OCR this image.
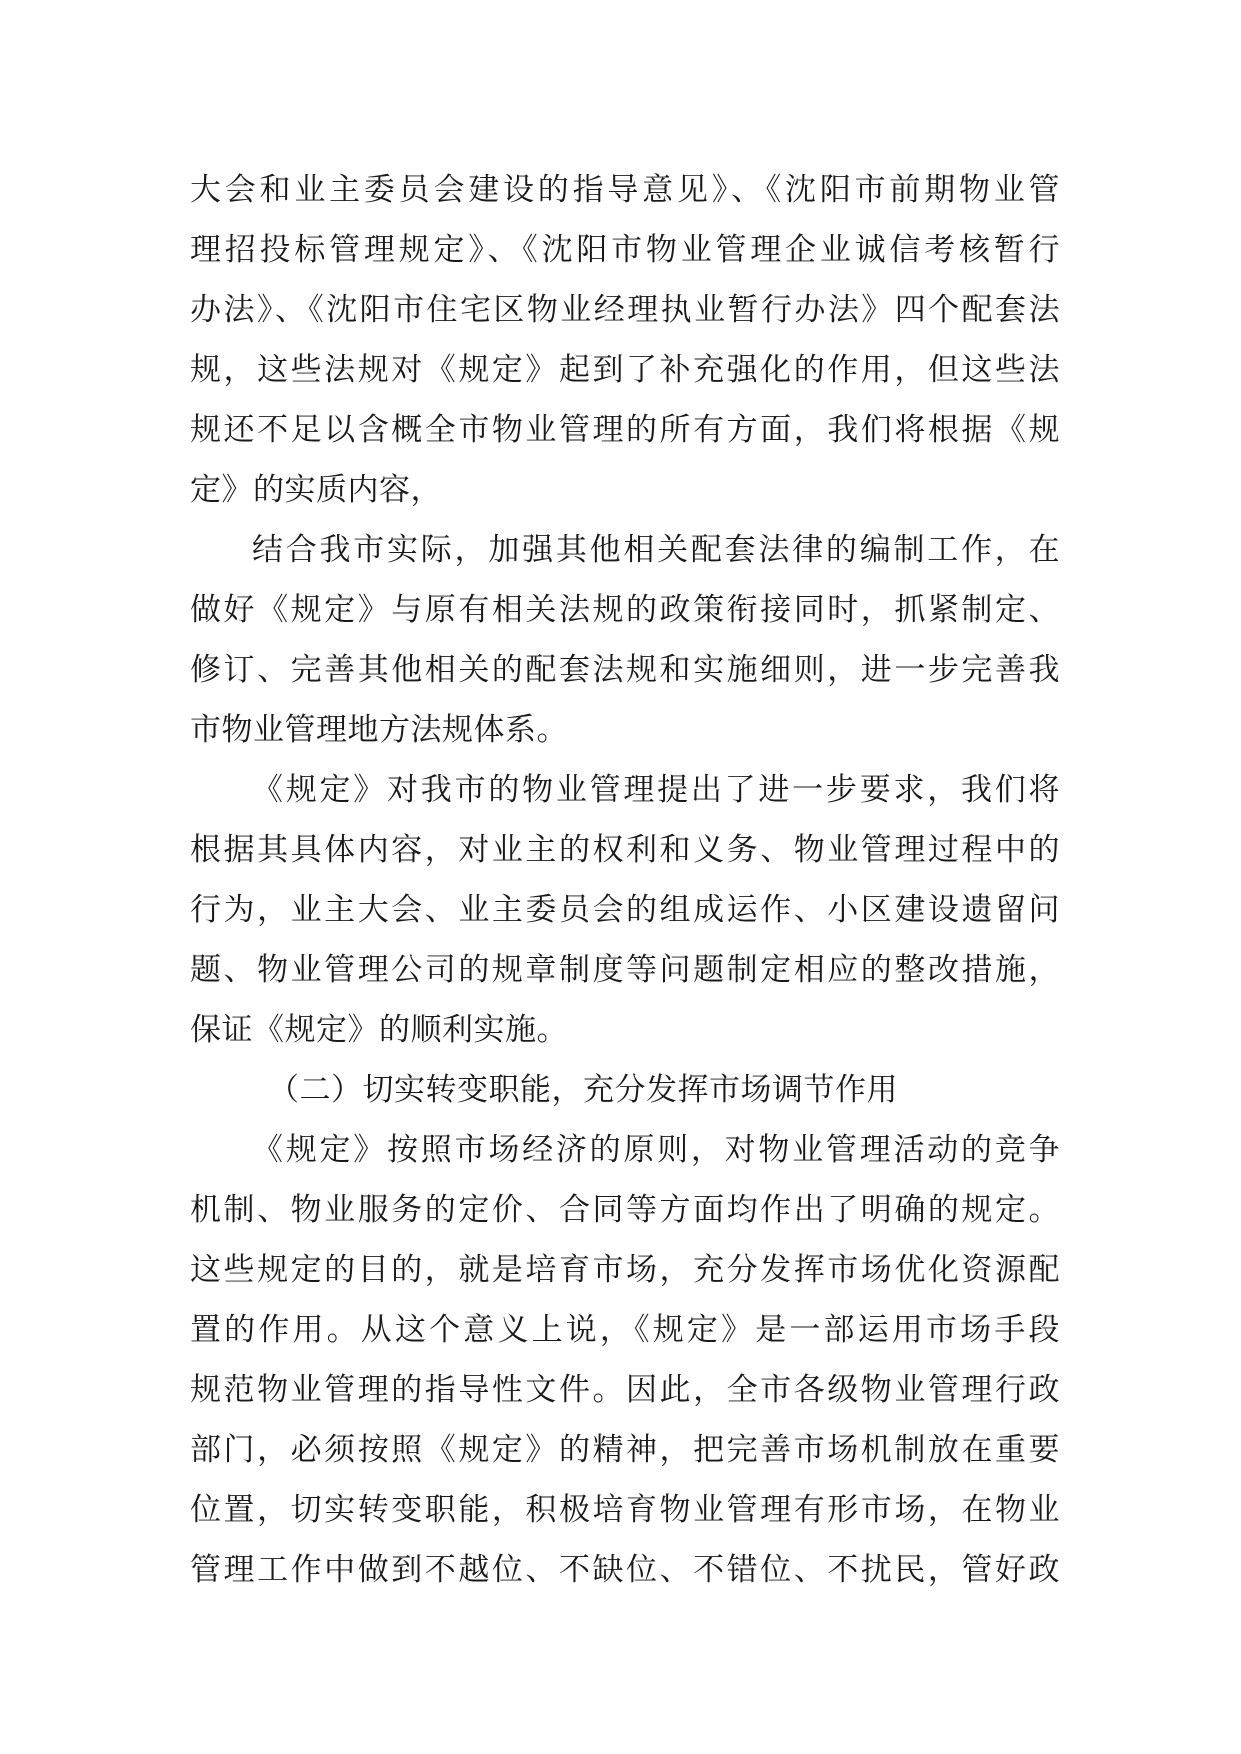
大会和业主委员会建设的指导意见》、《沈阳市前期物业管
理招投标管理规定》、《沈阳市物业管理企业诚信考核暂行
办法》、《沈阳市住宅区物业经理执业暂行办法》四个配套法
规，这些法规对《规定》起到了补充强化的作用，但这些法
规还不足以含概全市物业管理的所有方面，我们将根据《规
定》的实质内容，
结合我市实际，加强其他相关配套法律的编制工作，在
做好《规定》与原有相关法规的政策衔接同时，抓紧制定、
修订、完善其他相关的配套法规和实施细则，进一步完善我
市物业管理地方法规体系。
《规定》对我市的物业管理提出了进一步要求，我们将
根据其具体内容，对业主的权利和义务、物业管理过程中的
行为，业主大会、业主委员会的组成运作、小区建设遗留问
题、物业管理公司的规章制度等问题制定相应的整改措施，
保证《规定》的顺利实施。
（二）切实转变职能，充分发挥市场调节作用
《规定》按照市场经济的原则，对物业管理活动的竞争
机制、物业服务的定价、合同等方面均作出了明确的规定。
这些规定的目的，就是培育市场，充分发挥市场优化资源配
置的作用。从这个意义上说，《规定》是一部运用市场手段
规范物业管理的指导性文件。因此，全市各级物业管理行政
部门，必须按照《规定》的精神，把完善市场机制放在重要
位置，切实转变职能，积极培育物业管理有形市场，在物业
管理工作中做到不越位、不缺位、不错位、不扰民，管好政
